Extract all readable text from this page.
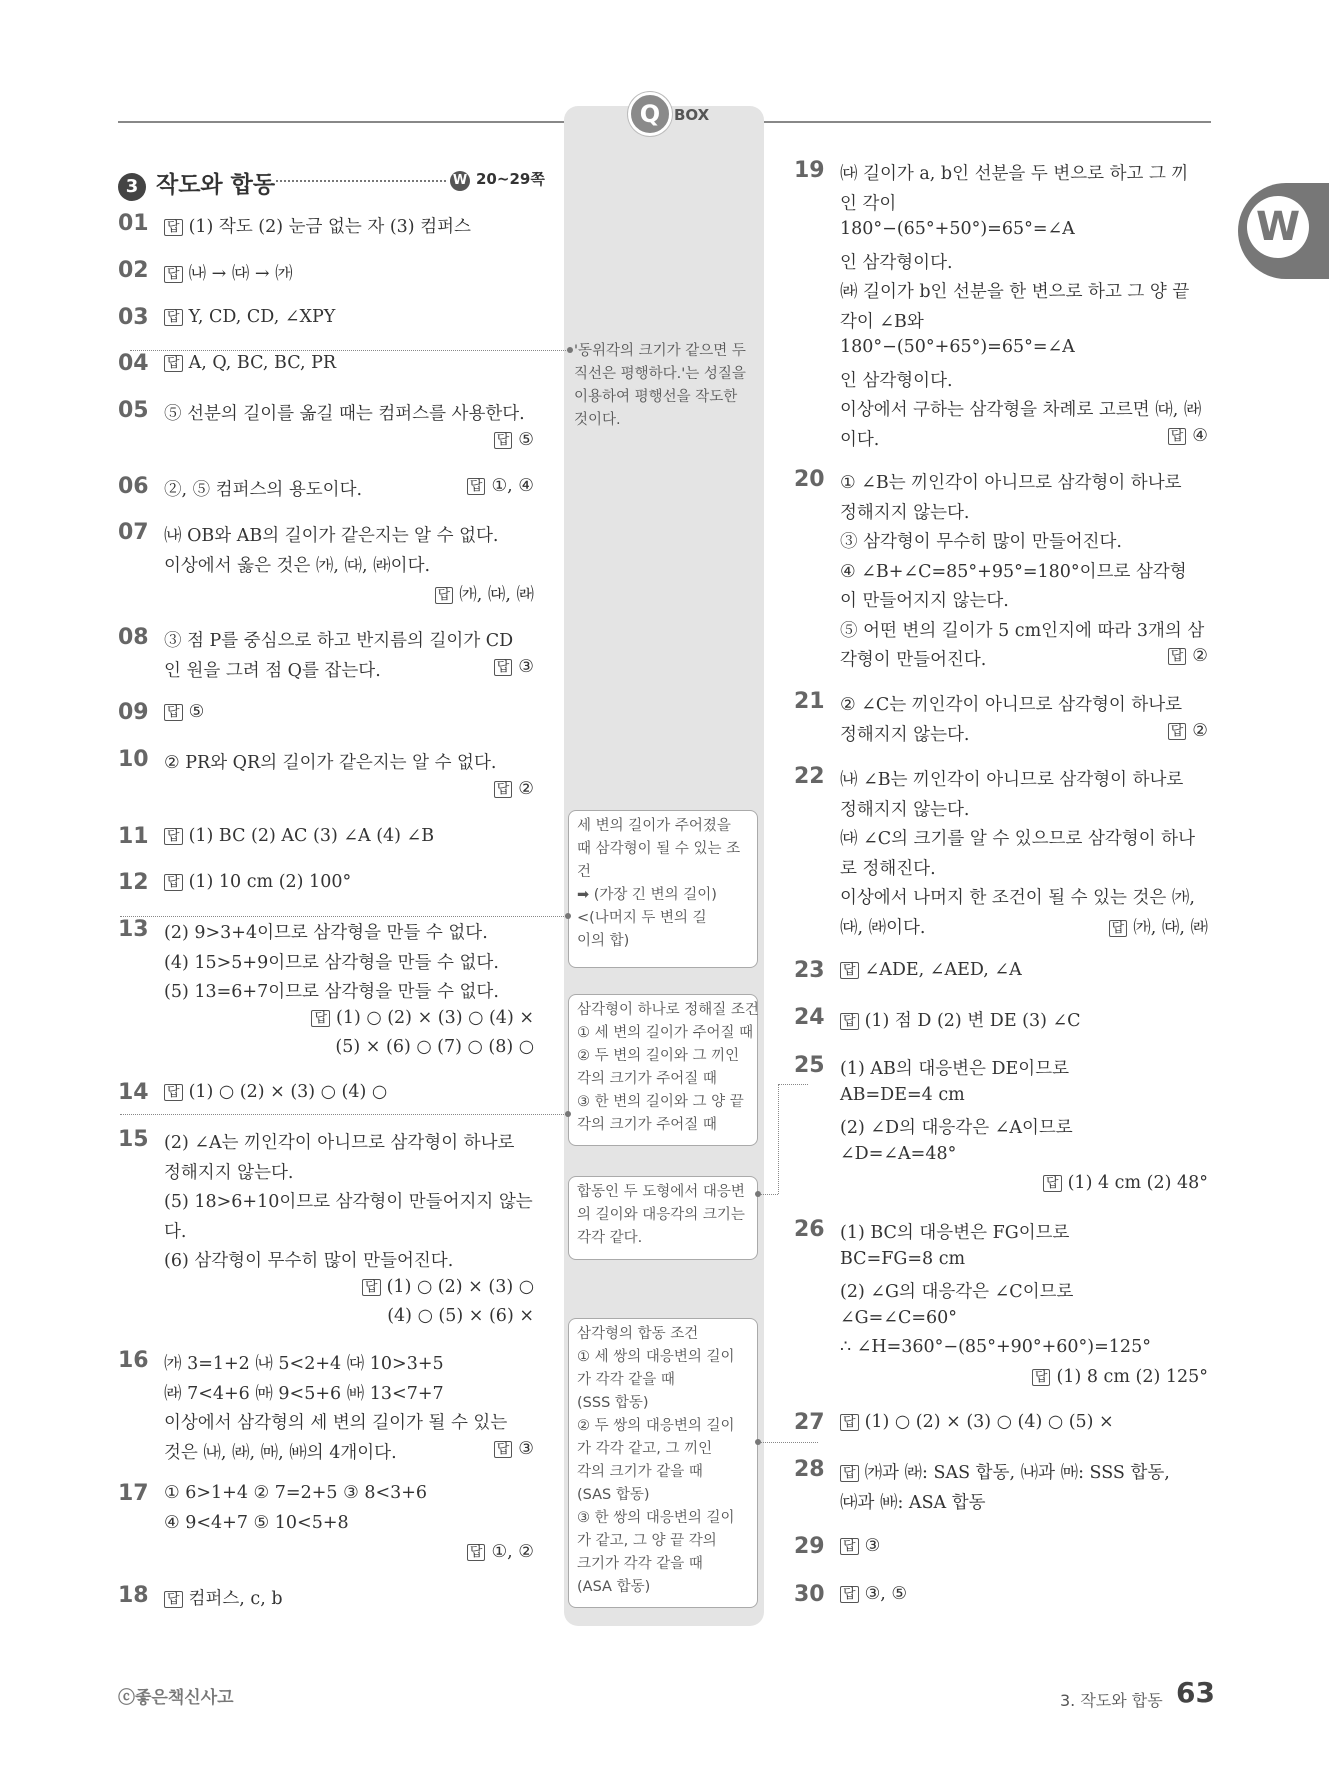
Q BOX
W
3 작도와 합동	W 20~29쪽
01 답 (1) 작도 (2) 눈금 없는 자 (3) 컴퍼스
02 답 ㈏ → ㈐ → ㈎
03 답 Y, CD, CD, ∠XPY
04 답 A, Q, BC, BC, PR
05 ⑤ 선분의 길이를 옮길 때는 컴퍼스를 사용한다.
답 ⑤
06 ②, ⑤ 컴퍼스의 용도이다.	답 ①, ④
07 ㈏ OB와 AB의 길이가 같은지는 알 수 없다.
이상에서 옳은 것은 ㈎, ㈐, ㈑이다.
답 ㈎, ㈐, ㈑
08 ③ 점 P를 중심으로 하고 반지름의 길이가 CD
인 원을 그려 점 Q를 잡는다.	답 ③
09 답 ⑤
10 ② PR와 QR의 길이가 같은지는 알 수 없다.
답 ②
11 답 (1) BC (2) AC (3) ∠A (4) ∠B
12 답 (1) 10 cm (2) 100°
13 (2) 9>3+4이므로 삼각형을 만들 수 없다.
(4) 15>5+9이므로 삼각형을 만들 수 없다.
(5) 13=6+7이므로 삼각형을 만들 수 없다.
답 (1) ○ (2) × (3) ○ (4) ×
(5) × (6) ○ (7) ○ (8) ○
14 답 (1) ○ (2) × (3) ○ (4) ○
15 (2) ∠A는 끼인각이 아니므로 삼각형이 하나로
정해지지 않는다.
(5) 18>6+10이므로 삼각형이 만들어지지 않는
다.
(6) 삼각형이 무수히 많이 만들어진다.
답 (1) ○ (2) × (3) ○
(4) ○ (5) × (6) ×
16 ㈎ 3=1+2 ㈏ 5<2+4 ㈐ 10>3+5
㈑ 7<4+6 ㈒ 9<5+6 ㈓ 13<7+7
이상에서 삼각형의 세 변의 길이가 될 수 있는
것은 ㈏, ㈑, ㈒, ㈓의 4개이다.	답 ③
17 ① 6>1+4 ② 7=2+5 ③ 8<3+6
④ 9<4+7 ⑤ 10<5+8
답 ①, ②
18 답 컴퍼스, c, b
19 ㈐ 길이가 a, b인 선분을 두 변으로 하고 그 끼
인 각이
180°−(65°+50°)=65°=∠A
인 삼각형이다.
㈑ 길이가 b인 선분을 한 변으로 하고 그 양 끝
각이 ∠B와
180°−(50°+65°)=65°=∠A
인 삼각형이다.
이상에서 구하는 삼각형을 차례로 고르면 ㈐, ㈑
이다.	답 ④
20 ① ∠B는 끼인각이 아니므로 삼각형이 하나로
정해지지 않는다.
③ 삼각형이 무수히 많이 만들어진다.
④ ∠B+∠C=85°+95°=180°이므로 삼각형
이 만들어지지 않는다.
⑤ 어떤 변의 길이가 5 cm인지에 따라 3개의 삼
각형이 만들어진다.	답 ②
21 ② ∠C는 끼인각이 아니므로 삼각형이 하나로
정해지지 않는다.	답 ②
22 ㈏ ∠B는 끼인각이 아니므로 삼각형이 하나로
정해지지 않는다.
㈐ ∠C의 크기를 알 수 있으므로 삼각형이 하나
로 정해진다.
이상에서 나머지 한 조건이 될 수 있는 것은 ㈎,
㈐, ㈑이다.	답 ㈎, ㈐, ㈑
23 답 ∠ADE, ∠AED, ∠A
24 답 (1) 점 D (2) 변 DE (3) ∠C
25 (1) AB의 대응변은 DE이므로
AB=DE=4 cm
(2) ∠D의 대응각은 ∠A이므로
∠D=∠A=48°
답 (1) 4 cm (2) 48°
26 (1) BC의 대응변은 FG이므로
BC=FG=8 cm
(2) ∠G의 대응각은 ∠C이므로
∠G=∠C=60°
∴ ∠H=360°−(85°+90°+60°)=125°
답 (1) 8 cm (2) 125°
27 답 (1) ○ (2) × (3) ○ (4) ○ (5) ×
28 답 ㈎과 ㈑: SAS 합동, ㈏과 ㈒: SSS 합동,
㈐과 ㈓: ASA 합동
29 답 ③
30 답 ③, ⑤
'동위각의 크기가 같으면 두
직선은 평행하다.'는 성질을
이용하여 평행선을 작도한
것이다.
세 변의 길이가 주어졌을
때 삼각형이 될 수 있는 조
건
➡ (가장 긴 변의 길이)
<(나머지 두 변의 길
이의 합)
삼각형이 하나로 정해질 조건
① 세 변의 길이가 주어질 때
② 두 변의 길이와 그 끼인
각의 크기가 주어질 때
③ 한 변의 길이와 그 양 끝
각의 크기가 주어질 때
합동인 두 도형에서 대응변
의 길이와 대응각의 크기는
각각 같다.
삼각형의 합동 조건
① 세 쌍의 대응변의 길이
가 각각 같을 때
(SSS 합동)
② 두 쌍의 대응변의 길이
가 각각 같고, 그 끼인
각의 크기가 같을 때
(SAS 합동)
③ 한 쌍의 대응변의 길이
가 같고, 그 양 끝 각의
크기가 각각 같을 때
(ASA 합동)
ⓒ좋은책신사고	3. 작도와 합동 63
